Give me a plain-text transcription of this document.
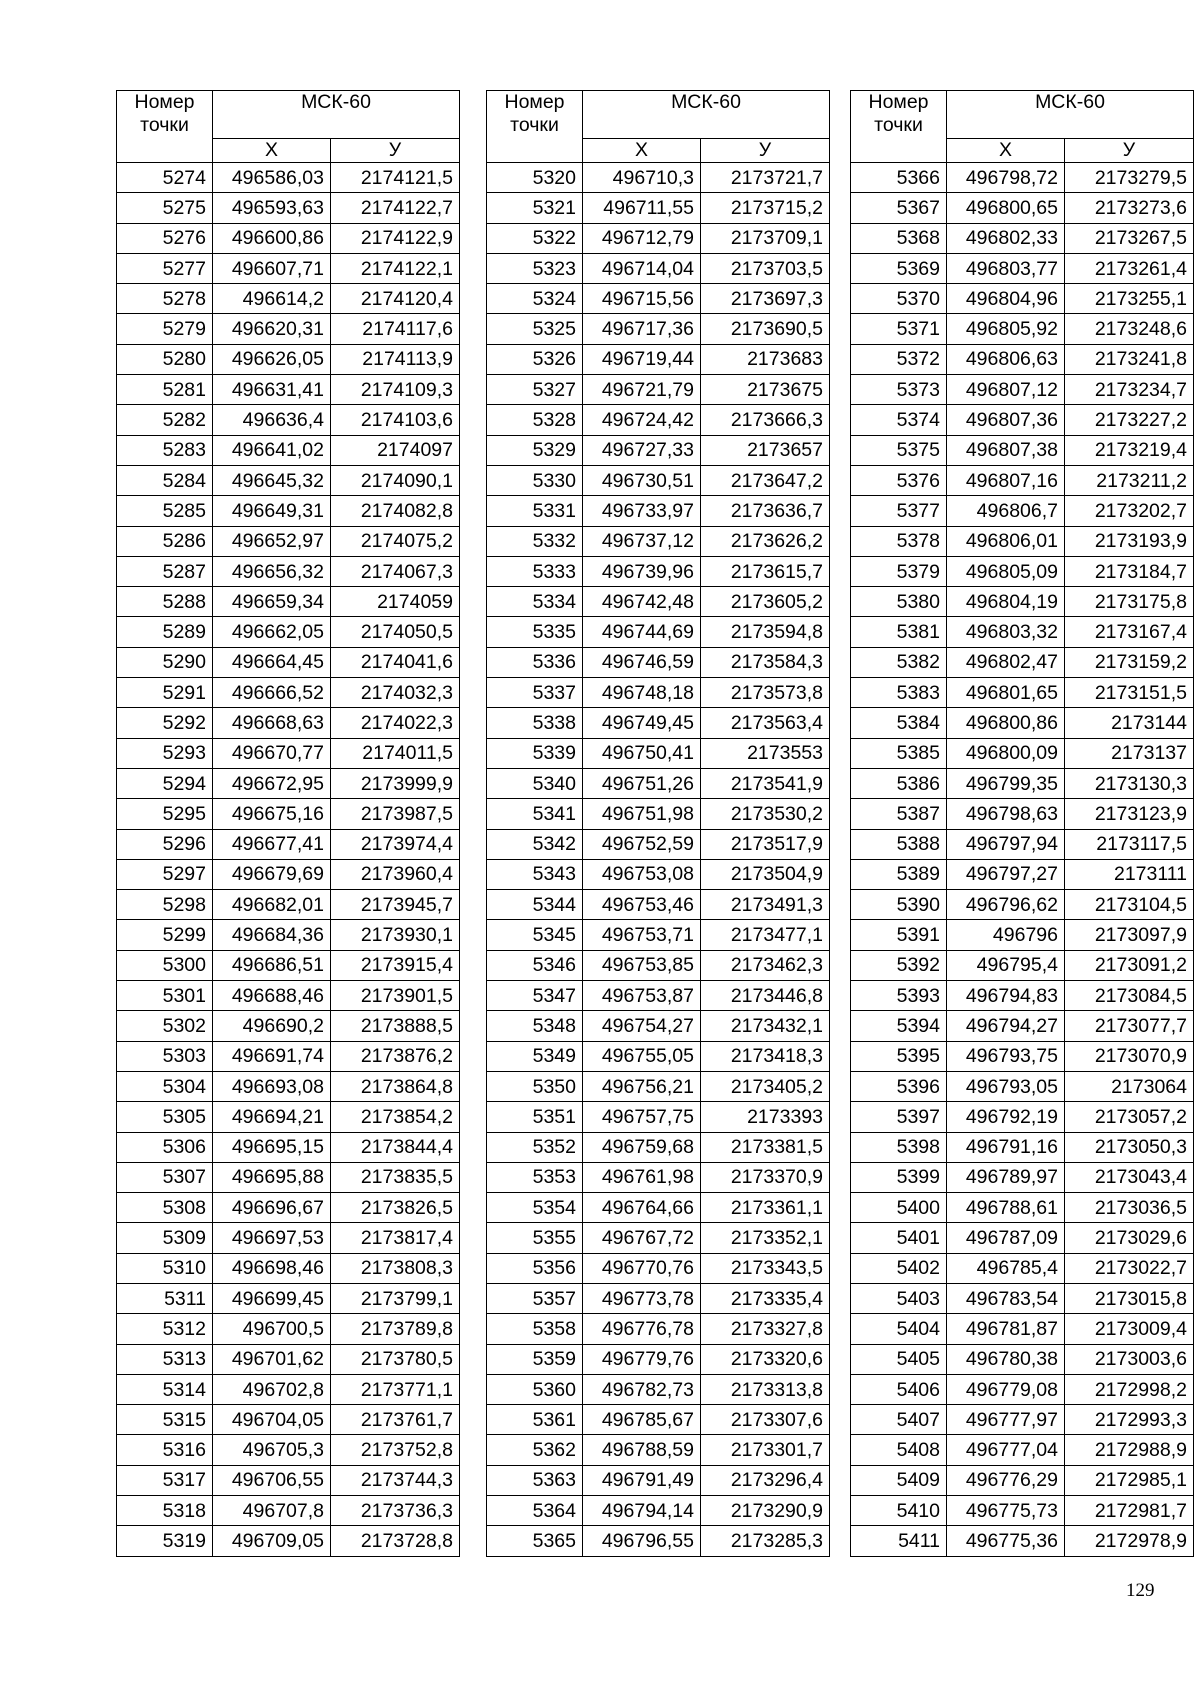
Номер точки	МСК-60	
	Х	У
5274	496586,03	2174121,5
5275	496593,63	2174122,7
5276	496600,86	2174122,9
5277	496607,71	2174122,1
5278	496614,2	2174120,4
5279	496620,31	2174117,6
5280	496626,05	2174113,9
5281	496631,41	2174109,3
5282	496636,4	2174103,6
5283	496641,02	2174097
5284	496645,32	2174090,1
5285	496649,31	2174082,8
5286	496652,97	2174075,2
5287	496656,32	2174067,3
5288	496659,34	2174059
5289	496662,05	2174050,5
5290	496664,45	2174041,6
5291	496666,52	2174032,3
5292	496668,63	2174022,3
5293	496670,77	2174011,5
5294	496672,95	2173999,9
5295	496675,16	2173987,5
5296	496677,41	2173974,4
5297	496679,69	2173960,4
5298	496682,01	2173945,7
5299	496684,36	2173930,1
5300	496686,51	2173915,4
5301	496688,46	2173901,5
5302	496690,2	2173888,5
5303	496691,74	2173876,2
5304	496693,08	2173864,8
5305	496694,21	2173854,2
5306	496695,15	2173844,4
5307	496695,88	2173835,5
5308	496696,67	2173826,5
5309	496697,53	2173817,4
5310	496698,46	2173808,3
5311	496699,45	2173799,1
5312	496700,5	2173789,8
5313	496701,62	2173780,5
5314	496702,8	2173771,1
5315	496704,05	2173761,7
5316	496705,3	2173752,8
5317	496706,55	2173744,3
5318	496707,8	2173736,3
5319	496709,05	2173728,8
Номер точки	МСК-60	
	Х	У
5320	496710,3	2173721,7
5321	496711,55	2173715,2
5322	496712,79	2173709,1
5323	496714,04	2173703,5
5324	496715,56	2173697,3
5325	496717,36	2173690,5
5326	496719,44	2173683
5327	496721,79	2173675
5328	496724,42	2173666,3
5329	496727,33	2173657
5330	496730,51	2173647,2
5331	496733,97	2173636,7
5332	496737,12	2173626,2
5333	496739,96	2173615,7
5334	496742,48	2173605,2
5335	496744,69	2173594,8
5336	496746,59	2173584,3
5337	496748,18	2173573,8
5338	496749,45	2173563,4
5339	496750,41	2173553
5340	496751,26	2173541,9
5341	496751,98	2173530,2
5342	496752,59	2173517,9
5343	496753,08	2173504,9
5344	496753,46	2173491,3
5345	496753,71	2173477,1
5346	496753,85	2173462,3
5347	496753,87	2173446,8
5348	496754,27	2173432,1
5349	496755,05	2173418,3
5350	496756,21	2173405,2
5351	496757,75	2173393
5352	496759,68	2173381,5
5353	496761,98	2173370,9
5354	496764,66	2173361,1
5355	496767,72	2173352,1
5356	496770,76	2173343,5
5357	496773,78	2173335,4
5358	496776,78	2173327,8
5359	496779,76	2173320,6
5360	496782,73	2173313,8
5361	496785,67	2173307,6
5362	496788,59	2173301,7
5363	496791,49	2173296,4
5364	496794,14	2173290,9
5365	496796,55	2173285,3
Номер точки	МСК-60	
	Х	У
5366	496798,72	2173279,5
5367	496800,65	2173273,6
5368	496802,33	2173267,5
5369	496803,77	2173261,4
5370	496804,96	2173255,1
5371	496805,92	2173248,6
5372	496806,63	2173241,8
5373	496807,12	2173234,7
5374	496807,36	2173227,2
5375	496807,38	2173219,4
5376	496807,16	2173211,2
5377	496806,7	2173202,7
5378	496806,01	2173193,9
5379	496805,09	2173184,7
5380	496804,19	2173175,8
5381	496803,32	2173167,4
5382	496802,47	2173159,2
5383	496801,65	2173151,5
5384	496800,86	2173144
5385	496800,09	2173137
5386	496799,35	2173130,3
5387	496798,63	2173123,9
5388	496797,94	2173117,5
5389	496797,27	2173111
5390	496796,62	2173104,5
5391	496796	2173097,9
5392	496795,4	2173091,2
5393	496794,83	2173084,5
5394	496794,27	2173077,7
5395	496793,75	2173070,9
5396	496793,05	2173064
5397	496792,19	2173057,2
5398	496791,16	2173050,3
5399	496789,97	2173043,4
5400	496788,61	2173036,5
5401	496787,09	2173029,6
5402	496785,4	2173022,7
5403	496783,54	2173015,8
5404	496781,87	2173009,4
5405	496780,38	2173003,6
5406	496779,08	2172998,2
5407	496777,97	2172993,3
5408	496777,04	2172988,9
5409	496776,29	2172985,1
5410	496775,73	2172981,7
5411	496775,36	2172978,9
129
